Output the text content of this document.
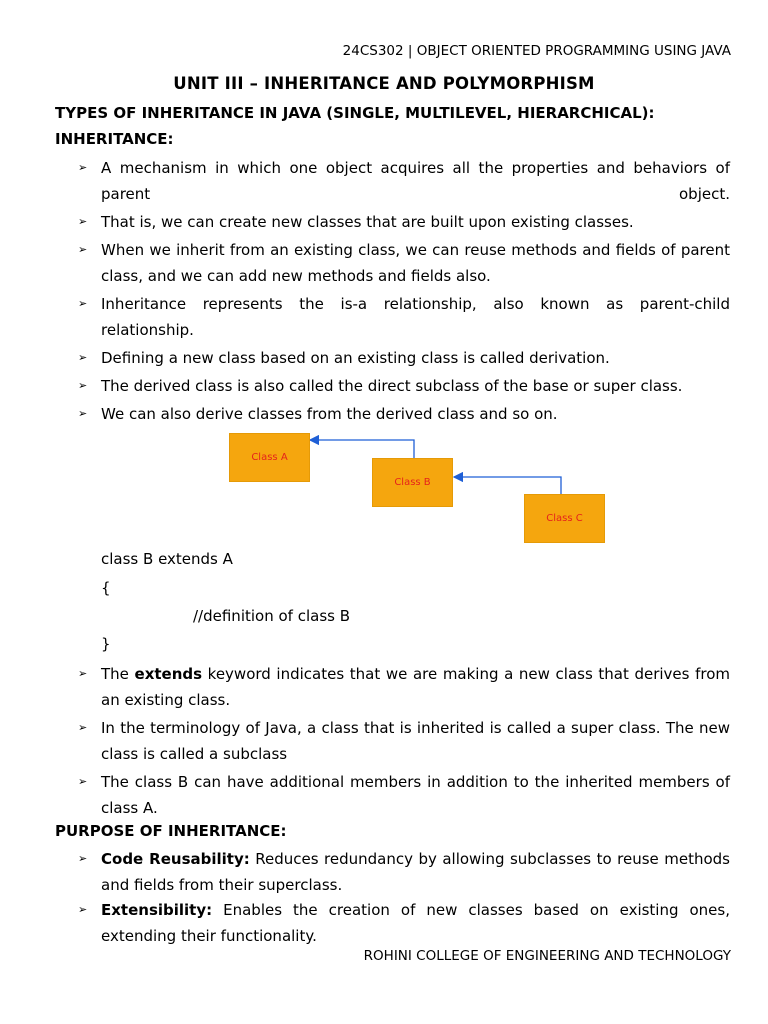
24CS302 | OBJECT ORIENTED PROGRAMMING USING JAVA
UNIT III – INHERITANCE AND POLYMORPHISM
TYPES OF INHERITANCE IN JAVA (SINGLE, MULTILEVEL, HIERARCHICAL):
INHERITANCE:
➢ A mechanism in which one object acquires all the properties and behaviors of parent object.
➢ That is, we can create new classes that are built upon existing classes.
➢ When we inherit from an existing class, we can reuse methods and fields of parent class, and we can add new methods and fields also.
➢ Inheritance represents the is-a relationship, also known as parent-child relationship.
➢ Defining a new class based on an existing class is called derivation.
➢ The derived class is also called the direct subclass of the base or super class.
➢ We can also derive classes from the derived class and so on.
Class A
Class B
Class C
class B extends A
{
//definition of class B
}
➢ The extends keyword indicates that we are making a new class that derives from an existing class.
➢ In the terminology of Java, a class that is inherited is called a super class. The new class is called a subclass
➢ The class B can have additional members in addition to the inherited members of class A.
PURPOSE OF INHERITANCE:
➢ Code Reusability: Reduces redundancy by allowing subclasses to reuse methods and fields from their superclass.
➢ Extensibility: Enables the creation of new classes based on existing ones, extending their functionality.
ROHINI COLLEGE OF ENGINEERING AND TECHNOLOGY
